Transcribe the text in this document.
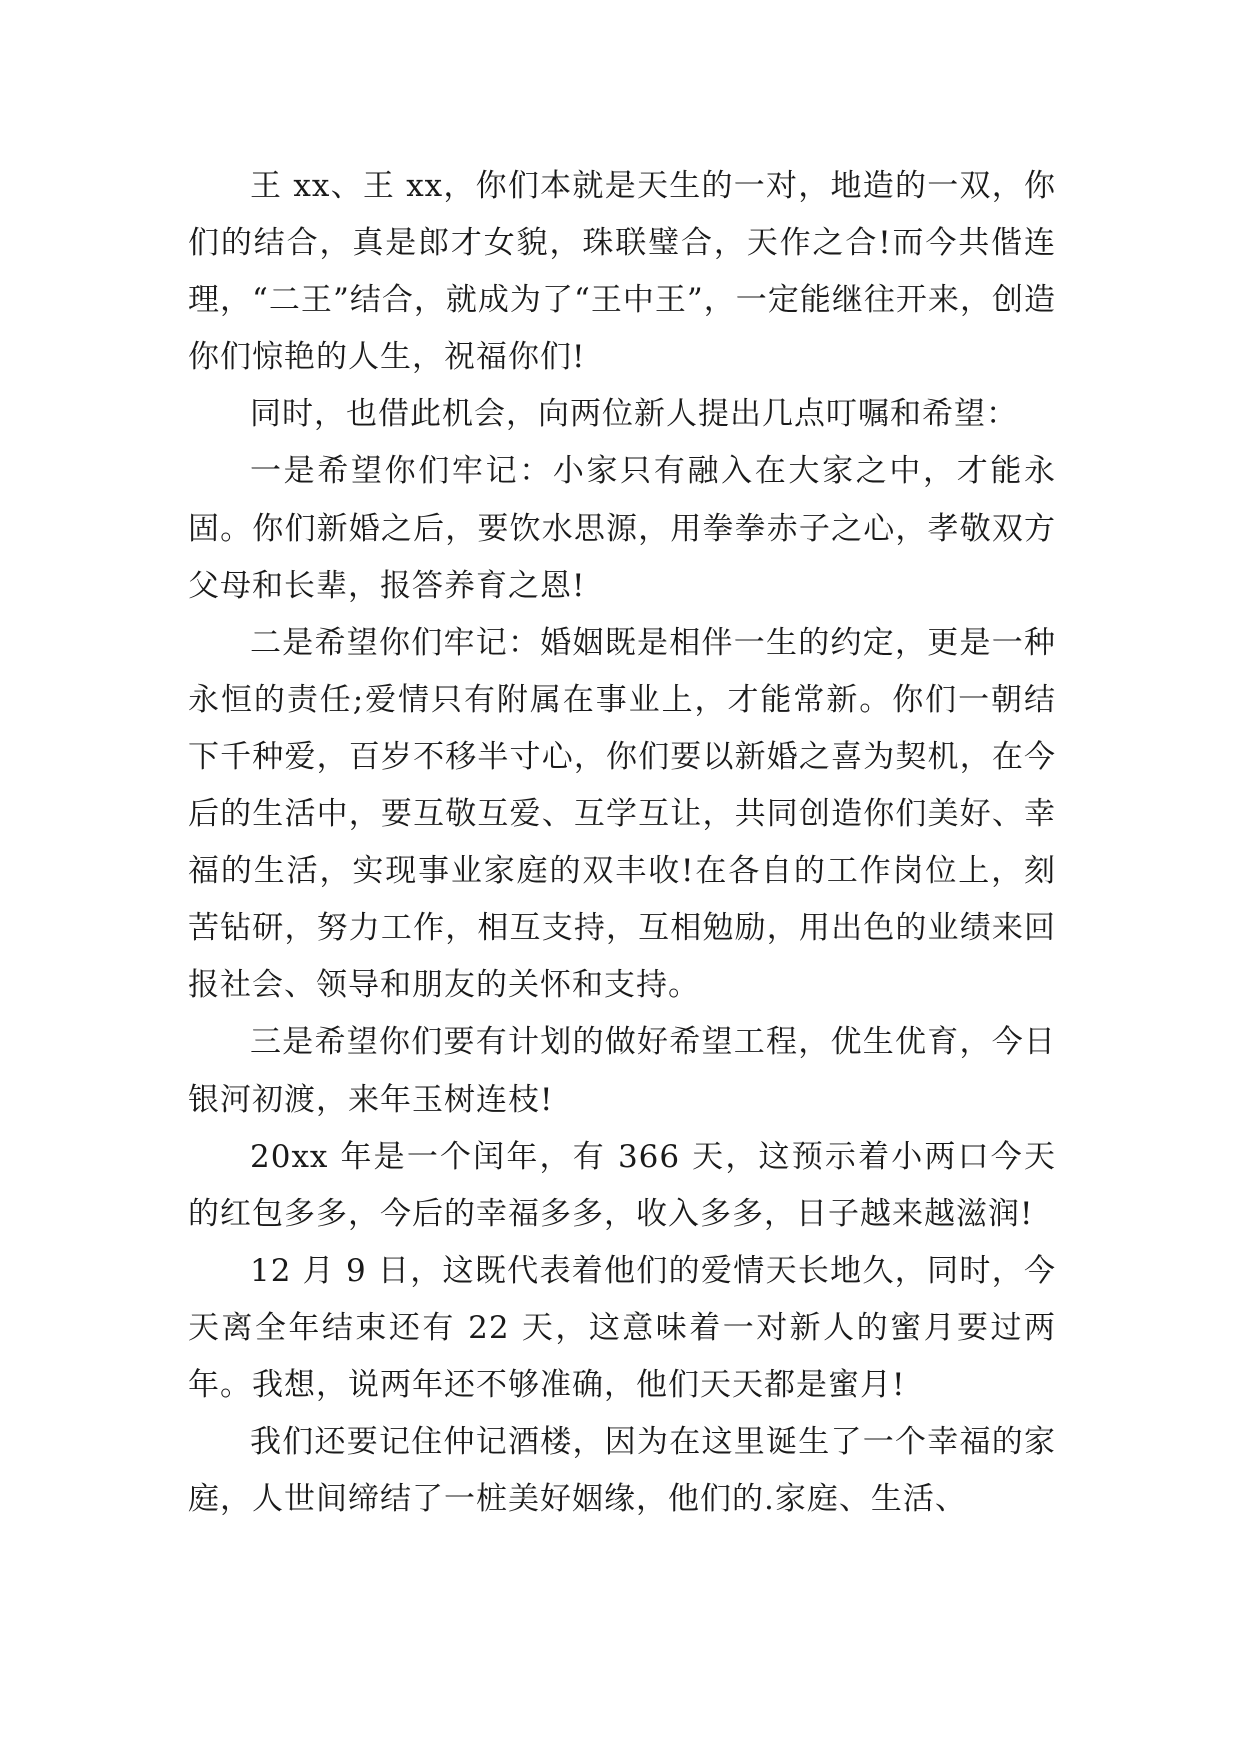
王 xx、王 xx，你们本就是天生的一对，地造的一双，你们的结合，真是郎才女貌，珠联璧合，天作之合!而今共偕连理，“二王”结合，就成为了“王中王”，一定能继往开来，创造你们惊艳的人生，祝福你们!

同时，也借此机会，向两位新人提出几点叮嘱和希望：

一是希望你们牢记：小家只有融入在大家之中，才能永固。你们新婚之后，要饮水思源，用拳拳赤子之心，孝敬双方父母和长辈，报答养育之恩!

二是希望你们牢记：婚姻既是相伴一生的约定，更是一种永恒的责任;爱情只有附属在事业上，才能常新。你们一朝结下千种爱，百岁不移半寸心，你们要以新婚之喜为契机，在今后的生活中，要互敬互爱、互学互让，共同创造你们美好、幸福的生活，实现事业家庭的双丰收!在各自的工作岗位上，刻苦钻研，努力工作，相互支持，互相勉励，用出色的业绩来回报社会、领导和朋友的关怀和支持。

三是希望你们要有计划的做好希望工程，优生优育，今日银河初渡，来年玉树连枝!

20xx 年是一个闰年，有 366 天，这预示着小两口今天的红包多多，今后的幸福多多，收入多多，日子越来越滋润!

12 月 9 日，这既代表着他们的爱情天长地久，同时，今天离全年结束还有 22 天，这意味着一对新人的蜜月要过两年。我想，说两年还不够准确，他们天天都是蜜月!

我们还要记住仲记酒楼，因为在这里诞生了一个幸福的家庭，人世间缔结了一桩美好姻缘，他们的.家庭、生活、
